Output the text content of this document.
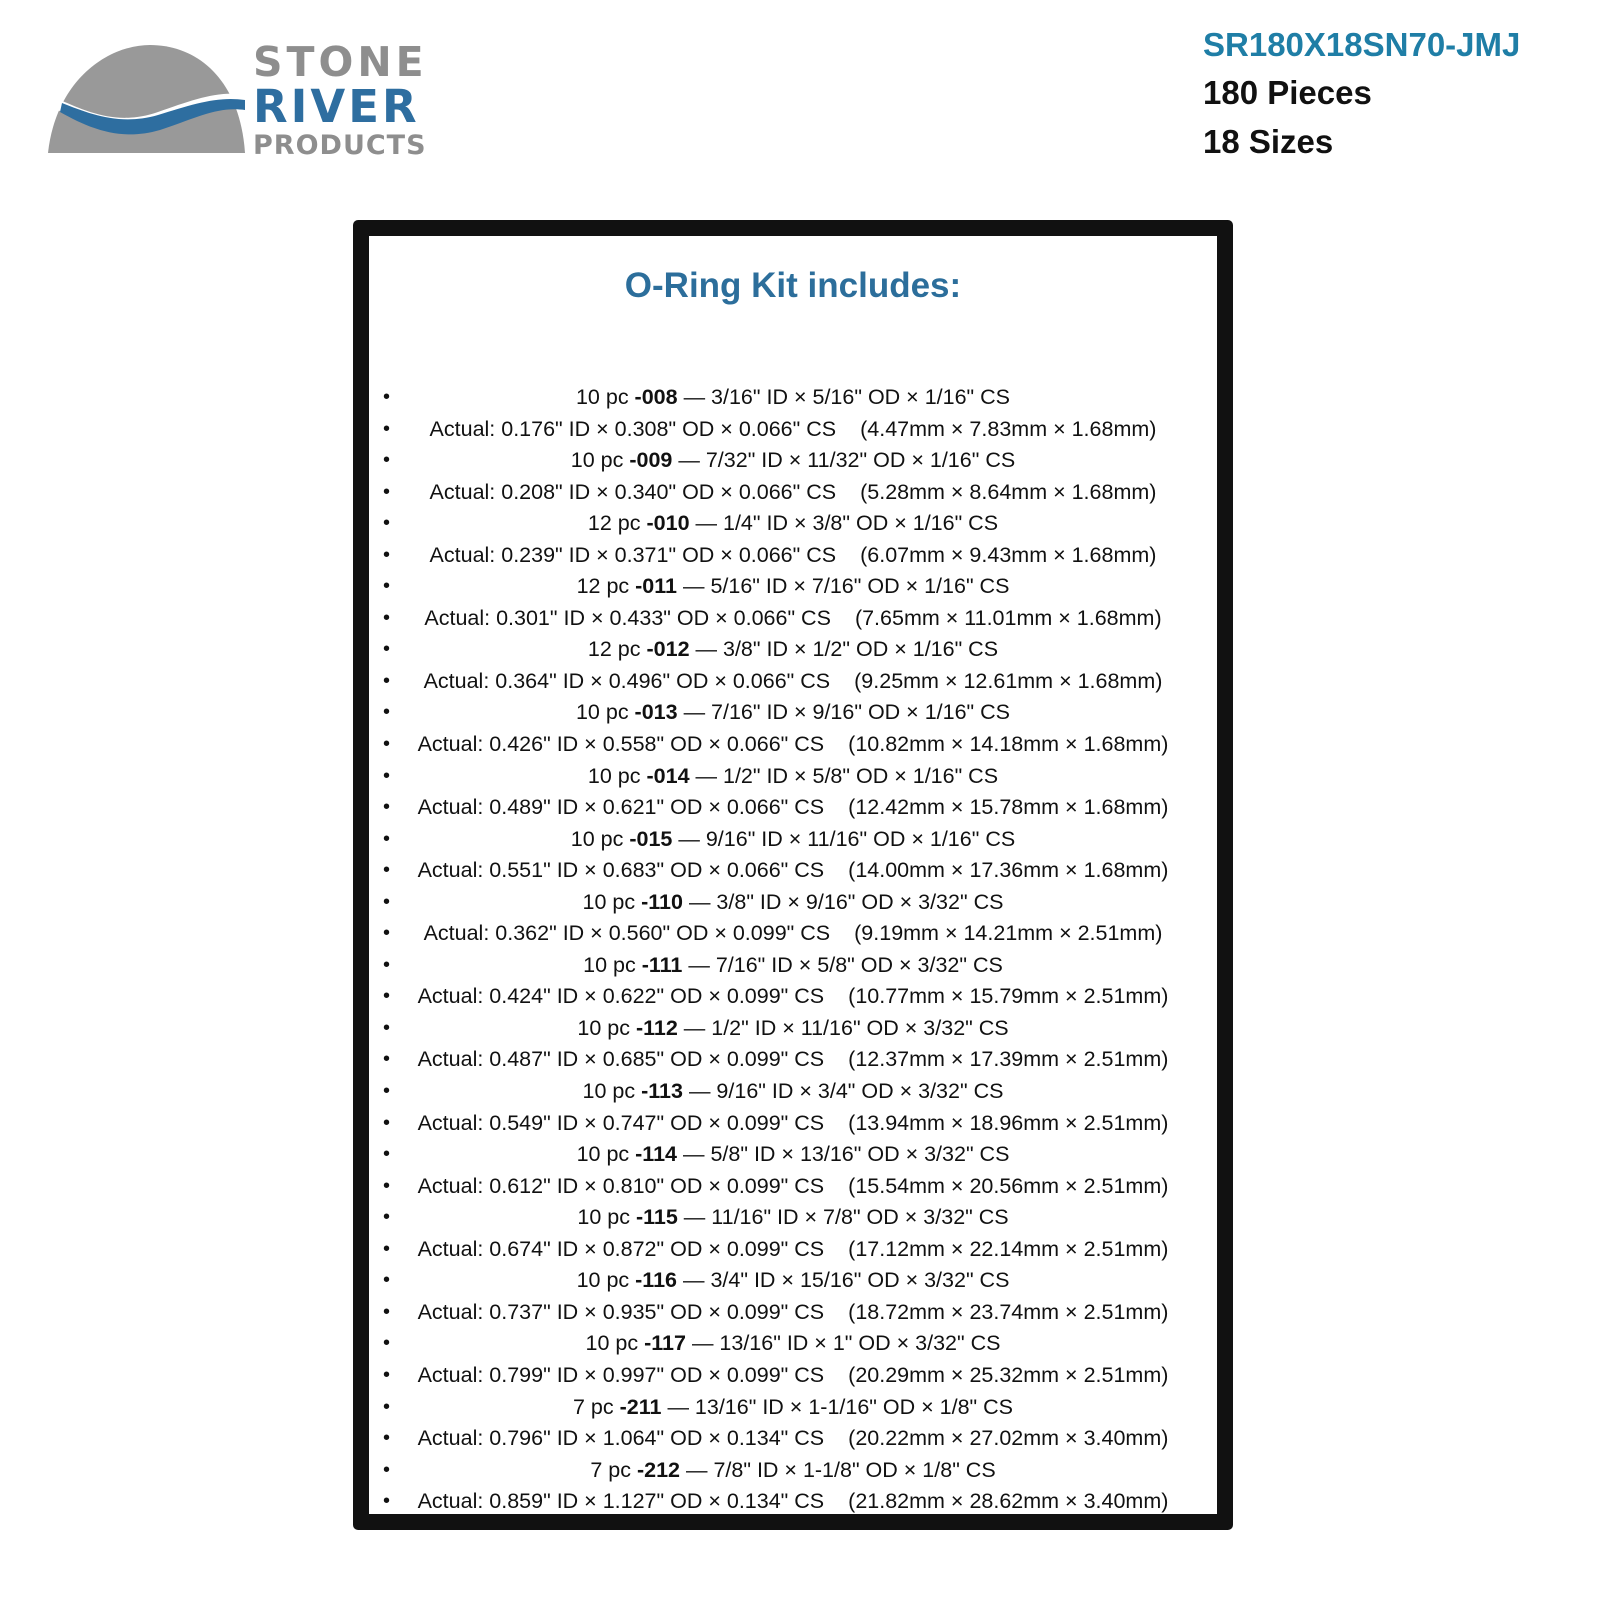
STONE
RIVER
PRODUCTS
SR180X18SN70-JMJ
180 Pieces
18 Sizes
O-Ring Kit includes:
• 10 pc -008 — 3/16" ID × 5/16" OD × 1/16" CS
• Actual: 0.176" ID × 0.308" OD × 0.066" CS (4.47mm × 7.83mm × 1.68mm)
• 10 pc -009 — 7/32" ID × 11/32" OD × 1/16" CS
• Actual: 0.208" ID × 0.340" OD × 0.066" CS (5.28mm × 8.64mm × 1.68mm)
• 12 pc -010 — 1/4" ID × 3/8" OD × 1/16" CS
• Actual: 0.239" ID × 0.371" OD × 0.066" CS (6.07mm × 9.43mm × 1.68mm)
• 12 pc -011 — 5/16" ID × 7/16" OD × 1/16" CS
• Actual: 0.301" ID × 0.433" OD × 0.066" CS (7.65mm × 11.01mm × 1.68mm)
• 12 pc -012 — 3/8" ID × 1/2" OD × 1/16" CS
• Actual: 0.364" ID × 0.496" OD × 0.066" CS (9.25mm × 12.61mm × 1.68mm)
• 10 pc -013 — 7/16" ID × 9/16" OD × 1/16" CS
• Actual: 0.426" ID × 0.558" OD × 0.066" CS (10.82mm × 14.18mm × 1.68mm)
• 10 pc -014 — 1/2" ID × 5/8" OD × 1/16" CS
• Actual: 0.489" ID × 0.621" OD × 0.066" CS (12.42mm × 15.78mm × 1.68mm)
• 10 pc -015 — 9/16" ID × 11/16" OD × 1/16" CS
• Actual: 0.551" ID × 0.683" OD × 0.066" CS (14.00mm × 17.36mm × 1.68mm)
• 10 pc -110 — 3/8" ID × 9/16" OD × 3/32" CS
• Actual: 0.362" ID × 0.560" OD × 0.099" CS (9.19mm × 14.21mm × 2.51mm)
• 10 pc -111 — 7/16" ID × 5/8" OD × 3/32" CS
• Actual: 0.424" ID × 0.622" OD × 0.099" CS (10.77mm × 15.79mm × 2.51mm)
• 10 pc -112 — 1/2" ID × 11/16" OD × 3/32" CS
• Actual: 0.487" ID × 0.685" OD × 0.099" CS (12.37mm × 17.39mm × 2.51mm)
• 10 pc -113 — 9/16" ID × 3/4" OD × 3/32" CS
• Actual: 0.549" ID × 0.747" OD × 0.099" CS (13.94mm × 18.96mm × 2.51mm)
• 10 pc -114 — 5/8" ID × 13/16" OD × 3/32" CS
• Actual: 0.612" ID × 0.810" OD × 0.099" CS (15.54mm × 20.56mm × 2.51mm)
• 10 pc -115 — 11/16" ID × 7/8" OD × 3/32" CS
• Actual: 0.674" ID × 0.872" OD × 0.099" CS (17.12mm × 22.14mm × 2.51mm)
• 10 pc -116 — 3/4" ID × 15/16" OD × 3/32" CS
• Actual: 0.737" ID × 0.935" OD × 0.099" CS (18.72mm × 23.74mm × 2.51mm)
• 10 pc -117 — 13/16" ID × 1" OD × 3/32" CS
• Actual: 0.799" ID × 0.997" OD × 0.099" CS (20.29mm × 25.32mm × 2.51mm)
• 7 pc -211 — 13/16" ID × 1-1/16" OD × 1/8" CS
• Actual: 0.796" ID × 1.064" OD × 0.134" CS (20.22mm × 27.02mm × 3.40mm)
• 7 pc -212 — 7/8" ID × 1-1/8" OD × 1/8" CS
• Actual: 0.859" ID × 1.127" OD × 0.134" CS (21.82mm × 28.62mm × 3.40mm)
